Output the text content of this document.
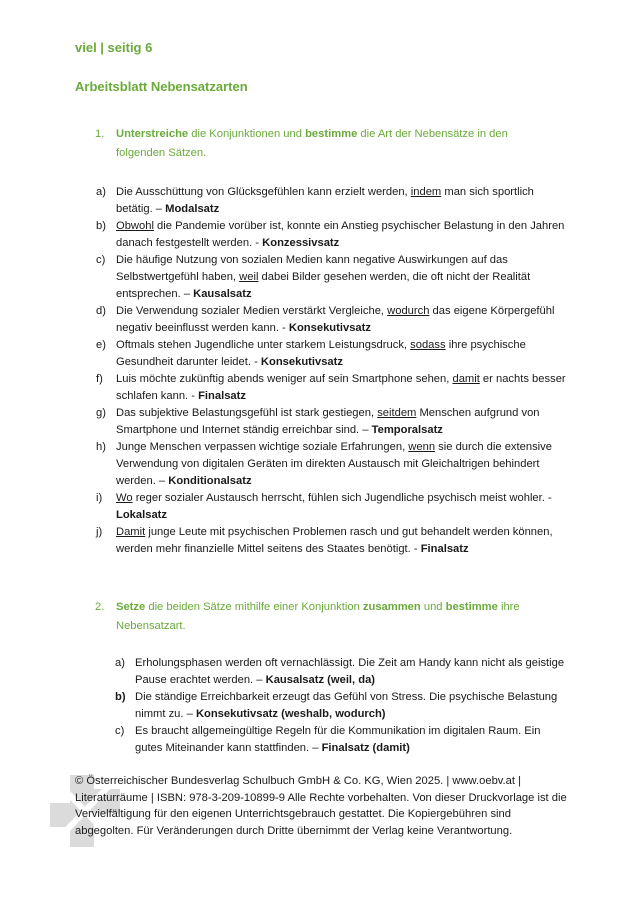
viel | seitig 6
Arbeitsblatt Nebensatzarten
1.	Unterstreiche die Konjunktionen und bestimme die Art der Nebensätze in den folgenden Sätzen.
a) Die Ausschüttung von Glücksgefühlen kann erzielt werden, indem man sich sportlich betätig. – Modalsatz
b) Obwohl die Pandemie vorüber ist, konnte ein Anstieg psychischer Belastung in den Jahren danach festgestellt werden. - Konzessivsatz
c) Die häufige Nutzung von sozialen Medien kann negative Auswirkungen auf das Selbstwertgefühl haben, weil dabei Bilder gesehen werden, die oft nicht der Realität entsprechen. – Kausalsatz
d) Die Verwendung sozialer Medien verstärkt Vergleiche, wodurch das eigene Körpergefühl negativ beeinflusst werden kann. - Konsekutivsatz
e) Oftmals stehen Jugendliche unter starkem Leistungsdruck, sodass ihre psychische Gesundheit darunter leidet. - Konsekutivsatz
f) Luis möchte zukünftig abends weniger auf sein Smartphone sehen, damit er nachts besser schlafen kann. - Finalsatz
g) Das subjektive Belastungsgefühl ist stark gestiegen, seitdem Menschen aufgrund von Smartphone und Internet ständig erreichbar sind. – Temporalsatz
h) Junge Menschen verpassen wichtige soziale Erfahrungen, wenn sie durch die extensive Verwendung von digitalen Geräten im direkten Austausch mit Gleichaltrigen behindert werden. – Konditionalsatz
i) Wo reger sozialer Austausch herrscht, fühlen sich Jugendliche psychisch meist wohler. - Lokalsatz
j) Damit junge Leute mit psychischen Problemen rasch und gut behandelt werden können, werden mehr finanzielle Mittel seitens des Staates benötigt. - Finalsatz
2.	Setze die beiden Sätze mithilfe einer Konjunktion zusammen und bestimme ihre Nebensatzart.
a) Erholungsphasen werden oft vernachlässigt. Die Zeit am Handy kann nicht als geistige Pause erachtet werden. – Kausalsatz (weil, da)
b) Die ständige Erreichbarkeit erzeugt das Gefühl von Stress. Die psychische Belastung nimmt zu. – Konsekutivsatz (weshalb, wodurch)
c) Es braucht allgemeingültige Regeln für die Kommunikation im digitalen Raum. Ein gutes Miteinander kann stattfinden. – Finalsatz (damit)
© Österreichischer Bundesverlag Schulbuch GmbH & Co. KG, Wien 2025. | www.oebv.at | Literaturräume | ISBN: 978-3-209-10899-9 Alle Rechte vorbehalten. Von dieser Druckvorlage ist die Vervielfältigung für den eigenen Unterrichtsgebrauch gestattet. Die Kopiergebühren sind abgegolten. Für Veränderungen durch Dritte übernimmt der Verlag keine Verantwortung.
